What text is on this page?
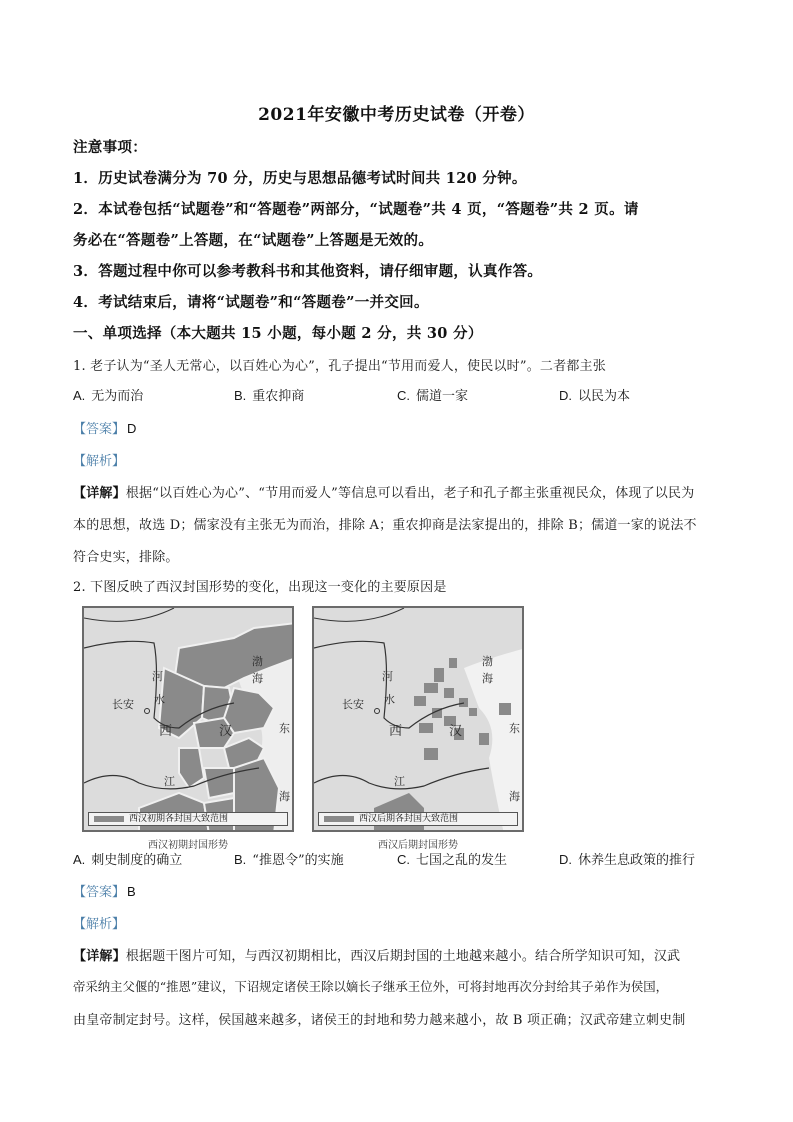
2021年安徽中考历史试卷（开卷）
注意事项：
1．历史试卷满分为 70 分，历史与思想品德考试时间共 120 分钟。
2．本试卷包括“试题卷”和“答题卷”两部分，“试题卷”共 4 页，“答题卷”共 2 页。请
务必在“答题卷”上答题，在“试题卷”上答题是无效的。
3．答题过程中你可以参考教科书和其他资料，请仔细审题，认真作答。
4．考试结束后，请将“试题卷”和“答题卷”一并交回。
一、单项选择（本大题共 15 小题，每小题 2 分，共 30 分）
1. 老子认为“圣人无常心，以百姓心为心”，孔子提出“节用而爱人，使民以时”。二者都主张
A. 无为而治	B. 重农抑商	C. 儒道一家	D. 以民为本
【答案】 D
【解析】
【详解】根据“以百姓心为心”、“节用而爱人”等信息可以看出，老子和孔子都主张重视民众，体现了以民为
本的思想，故选 D；儒家没有主张无为而治，排除 A；重农抑商是法家提出的，排除 B；儒道一家的说法不
符合史实，排除。
2. 下图反映了西汉封国形势的变化，出现这一变化的主要原因是
长安
河
水
西	汉
江
渤
海
东
海
西汉初期各封国大致范围
西汉初期封国形势
长安
河
水
西	汉
江
渤
海
东
海
西汉后期各封国大致范围
西汉后期封国形势
A. 刺史制度的确立	B. “推恩令”的实施	C. 七国之乱的发生	D. 休养生息政策的推行
【答案】 B
【解析】
【详解】根据题干图片可知，与西汉初期相比，西汉后期封国的土地越来越小。结合所学知识可知，汉武
帝采纳主父偃的“推恩”建议，下诏规定诸侯王除以嫡长子继承王位外，可将封地再次分封给其子弟作为侯国，
由皇帝制定封号。这样，侯国越来越多，诸侯王的封地和势力越来越小，故 B 项正确；汉武帝建立刺史制
